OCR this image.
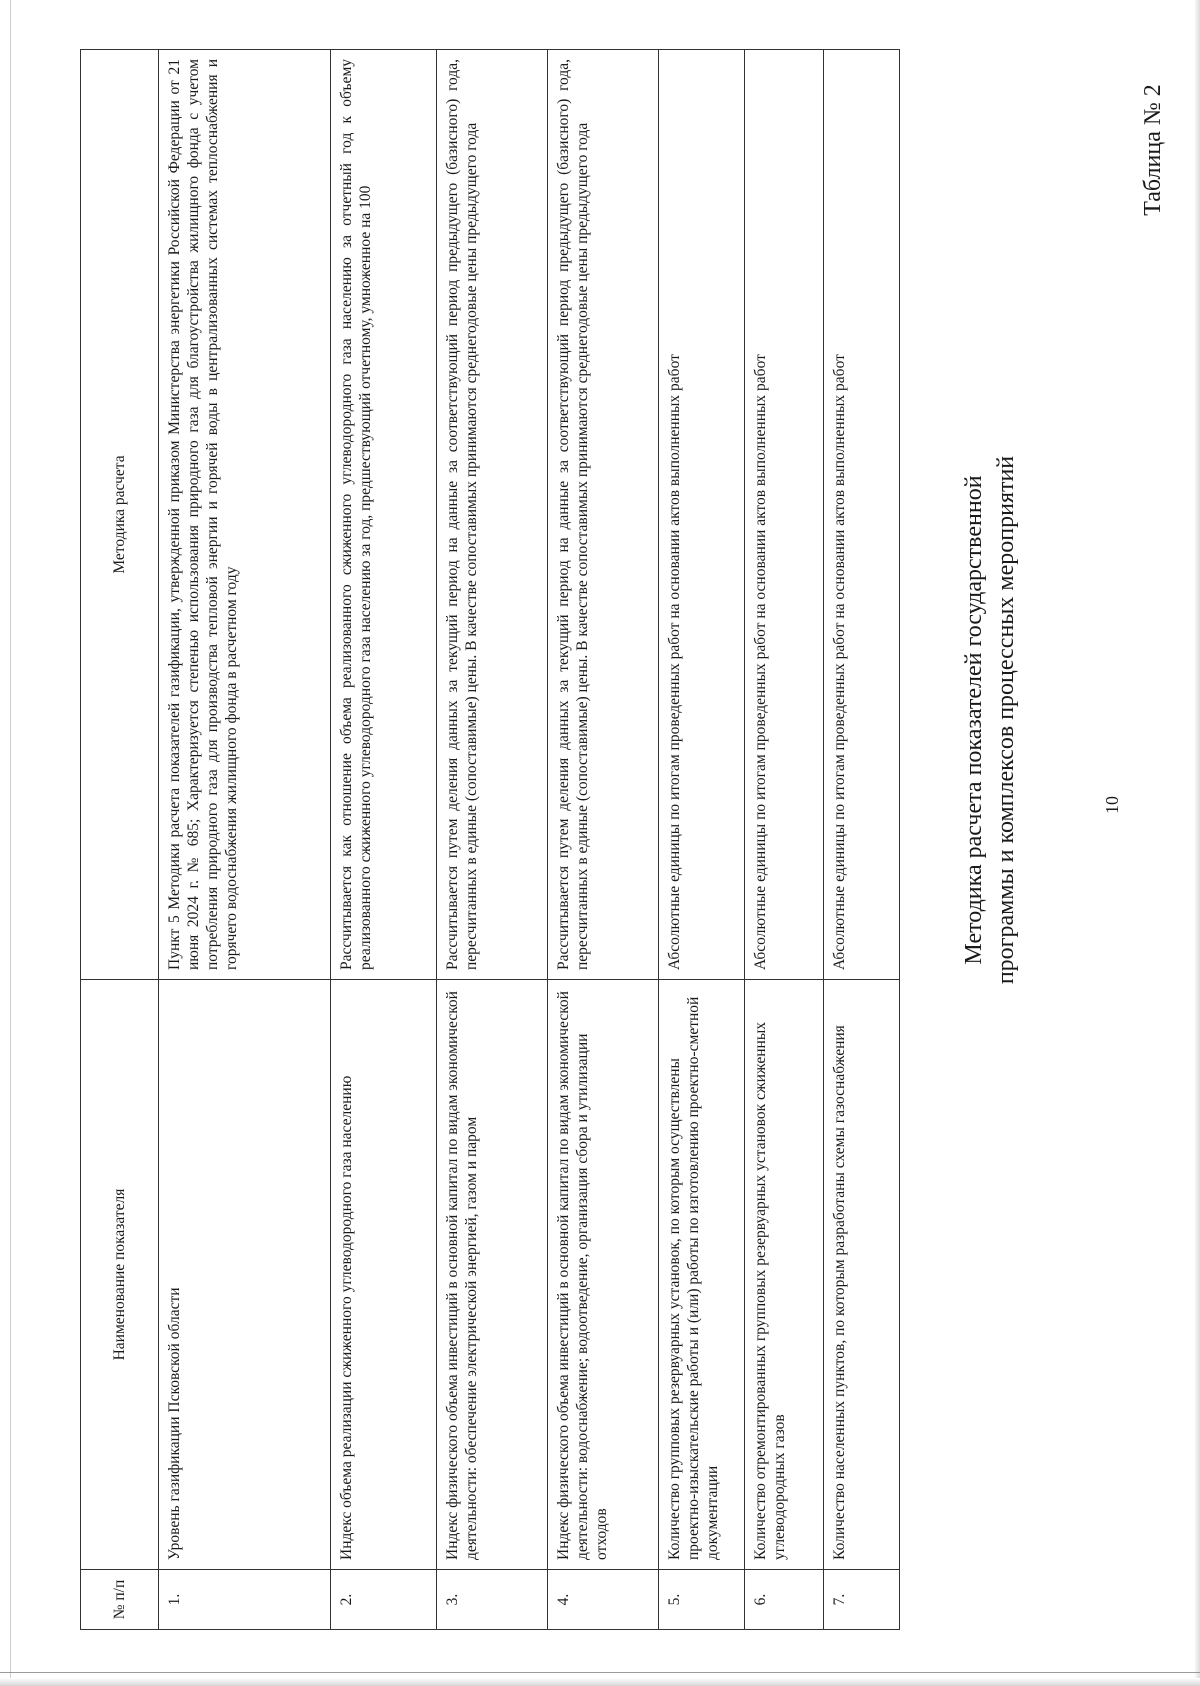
10
Таблица № 2
Методика расчета показателей государственной программы и комплексов процессных мероприятий
№ п/п	Наименование показателя	Методика расчета
1.	Уровень газификации Псковской области	Пункт 5 Методики расчета показателей газификации, утвержденной приказом Министерства энергетики Российской Федерации от 21 июня 2024 г. № 685; Характеризуется степенью использования природного газа для благоустройства жилищного фонда с учетом потребления природного газа для производства тепловой энергии и горячей воды в централизованных системах теплоснабжения и горячего водоснабжения жилищного фонда в расчетном году
2.	Индекс объема реализации сжиженного углеводородного газа населению	Рассчитывается как отношение объема реализованного сжиженного углеводородного газа населению за отчетный год к объему реализованного сжиженного углеводородного газа населению за год, предшествующий отчетному, умноженное на 100
3.	Индекс физического объема инвестиций в основной капитал по видам экономической деятельности: обеспечение электрической энергией, газом и паром	Рассчитывается путем деления данных за текущий период на данные за соответствующий период предыдущего (базисного) года, пересчитанных в единые (сопоставимые) цены. В качестве сопоставимых принимаются среднегодовые цены предыдущего года
4.	Индекс физического объема инвестиций в основной капитал по видам экономической деятельности: водоснабжение; водоотведение, организация сбора и утилизации отходов	Рассчитывается путем деления данных за текущий период на данные за соответствующий период предыдущего (базисного) года, пересчитанных в единые (сопоставимые) цены. В качестве сопоставимых принимаются среднегодовые цены предыдущего года
5.	Количество групповых резервуарных установок, по которым осуществлены проектно-изыскательские работы и (или) работы по изготовлению проектно-сметной документации	Абсолютные единицы по итогам проведенных работ на основании актов выполненных работ
6.	Количество отремонтированных групповых резервуарных установок сжиженных углеводородных газов	Абсолютные единицы по итогам проведенных работ на основании актов выполненных работ
7.	Количество населенных пунктов, по которым разработаны схемы газоснабжения	Абсолютные единицы по итогам проведенных работ на основании актов выполненных работ
